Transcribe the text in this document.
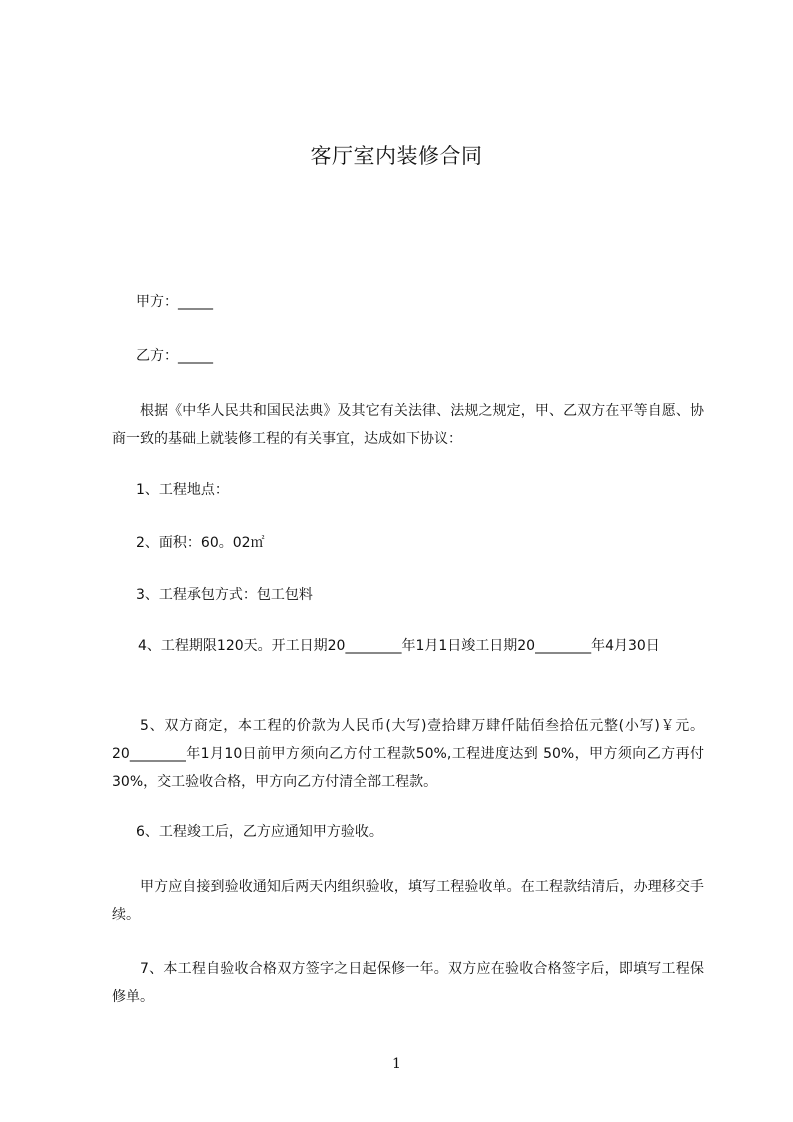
客厅室内装修合同
甲方：_____
乙方：_____
根据《中华人民共和国民法典》及其它有关法律、法规之规定，甲、乙双方在平等自愿、协商一致的基础上就装修工程的有关事宜，达成如下协议：
1、工程地点：
2、面积：60。02㎡
3、工程承包方式：包工包料
4、工程期限120天。开工日期20________年1月1日竣工日期20________年4月30日
5、双方商定，本工程的价款为人民币(大写)壹拾肆万肆仟陆佰叁拾伍元整(小写)￥元。20________年1月10日前甲方须向乙方付工程款50%,工程进度达到 50%，甲方须向乙方再付30%，交工验收合格，甲方向乙方付清全部工程款。
6、工程竣工后，乙方应通知甲方验收。
甲方应自接到验收通知后两天内组织验收，填写工程验收单。在工程款结清后，办理移交手续。
7、本工程自验收合格双方签字之日起保修一年。双方应在验收合格签字后，即填写工程保修单。
1
